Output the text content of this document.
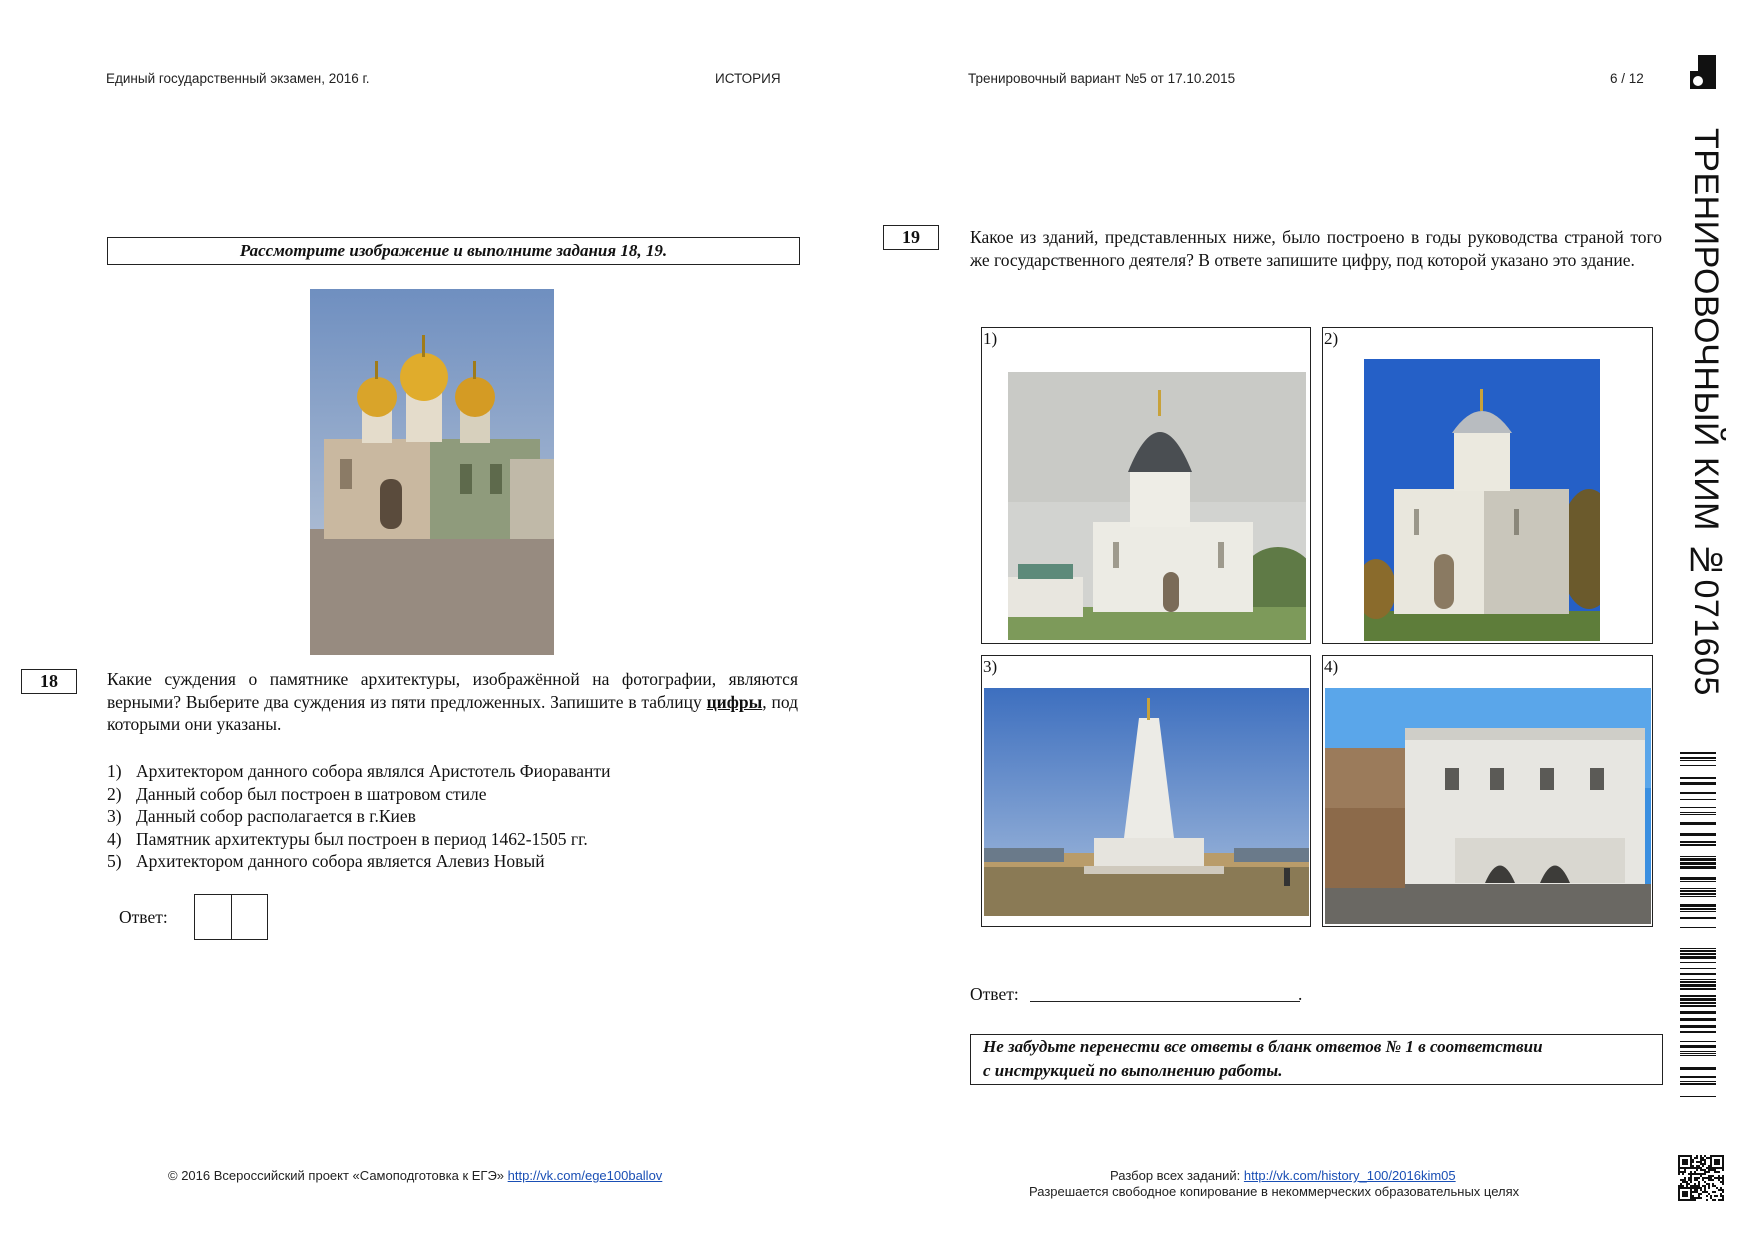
Единый государственный экзамен, 2016 г.	ИСТОРИЯ	Тренировочный вариант №5 от 17.10.2015	6 / 12
ТРЕНИРОВОЧНЫЙ КИМ №071605
Рассмотрите изображение и выполните задания 18, 19.
18	Какие суждения о памятнике архитектуры, изображённой на фотографии, являются верными? Выберите два суждения из пяти предложенных. Запишите в таблицу цифры, под которыми они указаны.
1) Архитектором данного собора являлся Аристотель Фиораванти
2) Данный собор был построен в шатровом стиле
3) Данный собор располагается в г.Киев
4) Памятник архитектуры был построен в период 1462-1505 гг.
5) Архитектором данного собора является Алевиз Новый
Ответ:
19	Какое из зданий, представленных ниже, было построено в годы руководства страной того же государственного деятеля? В ответе запишите цифру, под которой указано это здание.
1)	2)
3)	4)
Ответ:	.
Не забудьте перенести все ответы в бланк ответов № 1 в соответствии
с инструкцией по выполнению работы.
© 2016 Всероссийский проект «Самоподготовка к ЕГЭ» http://vk.com/ege100ballov	Разбор всех заданий: http://vk.com/history_100/2016kim05
Разрешается свободное копирование в некоммерческих образовательных целях
